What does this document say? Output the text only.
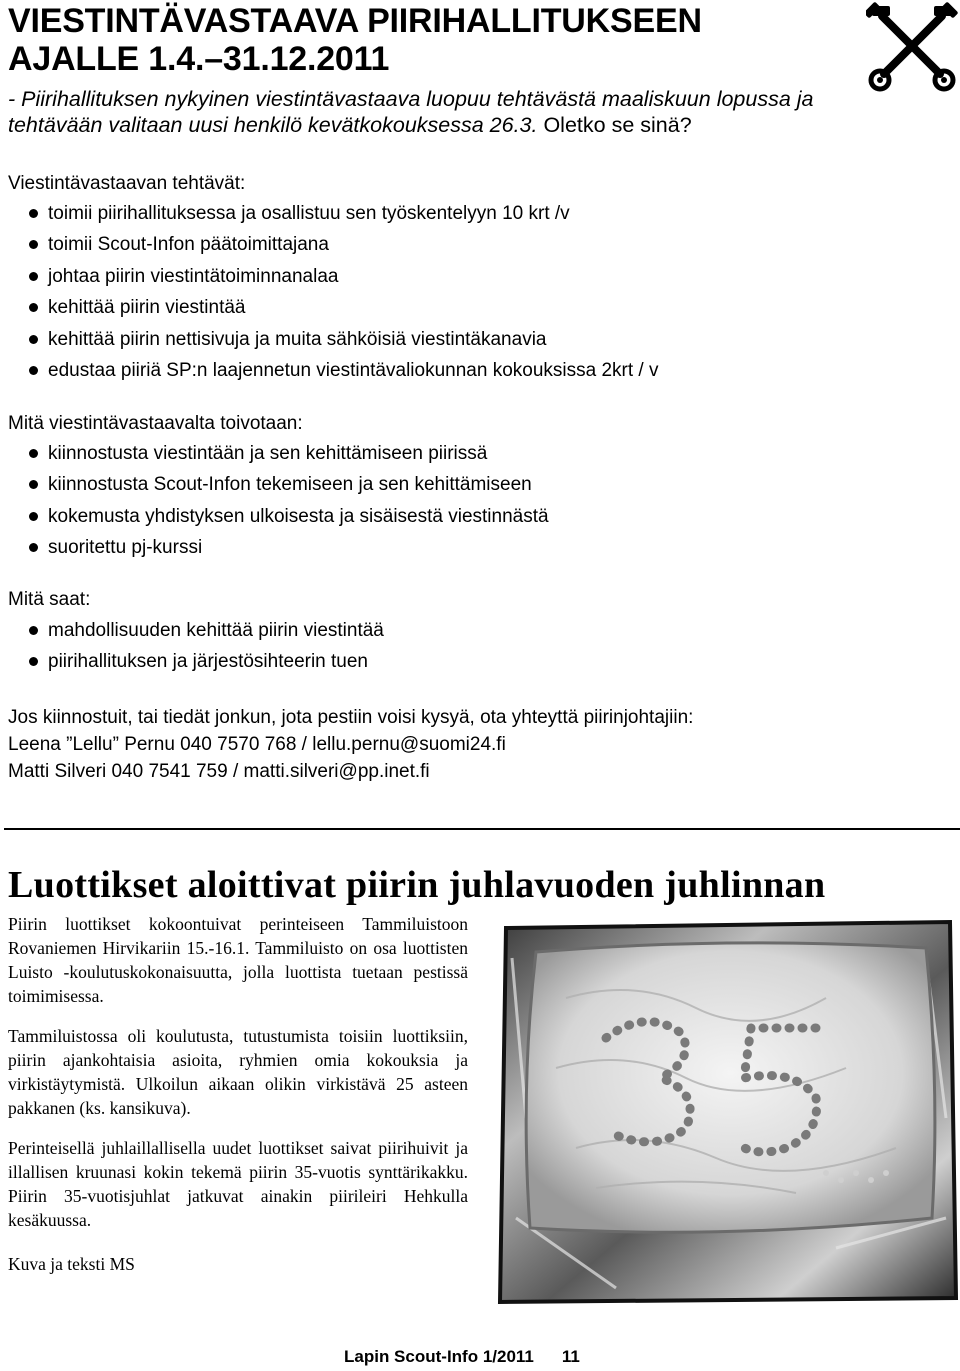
VIESTINTÄVASTAAVA PIIRIHALLITUKSEEN
AJALLE 1.4.–31.12.2011
- Piirihallituksen nykyinen viestintävastaava luopuu tehtävästä maaliskuun lopussa ja tehtävään valitaan uusi henkilö kevätkokouksessa 26.3. Oletko se sinä?
Viestintävastaavan tehtävät:
toimii piirihallituksessa ja osallistuu sen työskentelyyn 10 krt /v
toimii Scout-Infon päätoimittajana
johtaa piirin viestintätoiminnanalaa
kehittää piirin viestintää
kehittää piirin nettisivuja ja muita sähköisiä viestintäkanavia
edustaa piiriä SP:n laajennetun viestintävaliokunnan kokouksissa 2krt / v
Mitä viestintävastaavalta toivotaan:
kiinnostusta viestintään ja sen kehittämiseen piirissä
kiinnostusta Scout-Infon tekemiseen ja sen kehittämiseen
kokemusta yhdistyksen ulkoisesta ja sisäisestä viestinnästä
suoritettu pj-kurssi
Mitä saat:
mahdollisuuden kehittää piirin viestintää
piirihallituksen ja järjestösihteerin tuen
Jos kiinnostuit, tai tiedät jonkun, jota pestiin voisi kysyä, ota yhteyttä piirinjohtajiin:
Leena ”Lellu” Pernu 040 7570 768 / lellu.pernu@suomi24.fi
Matti Silveri 040 7541 759 / matti.silveri@pp.inet.fi
Luottikset aloittivat piirin juhlavuoden juhlinnan

Piirin luottikset kokoontuivat perinteiseen Tammiluistoon Rovaniemen Hirvikariin 15.-16.1. Tammiluisto on osa luottisten Luisto -koulutuskokonaisuutta, jolla luottista tuetaan pestissä toimimisessa.

Tammiluistossa oli koulutusta, tutustumista toisiin luottiksiin, piirin ajankohtaisia asioita, ryhmien omia kokouksia ja virkistäytymistä. Ulkoilun aikaan olikin virkistävä 25 asteen pakkanen (ks. kansikuva).

Perinteisellä juhlaillallisella uudet luottikset saivat piirihuivit ja illallisen kruunasi kokin tekemä piirin 35-vuotis synttärikakku. Piirin 35-vuotisjuhlat jatkuvat ainakin piirileiri Hehkulla kesäkuussa.

Kuva ja teksti MS

Lapin Scout-Info 1/2011 11
